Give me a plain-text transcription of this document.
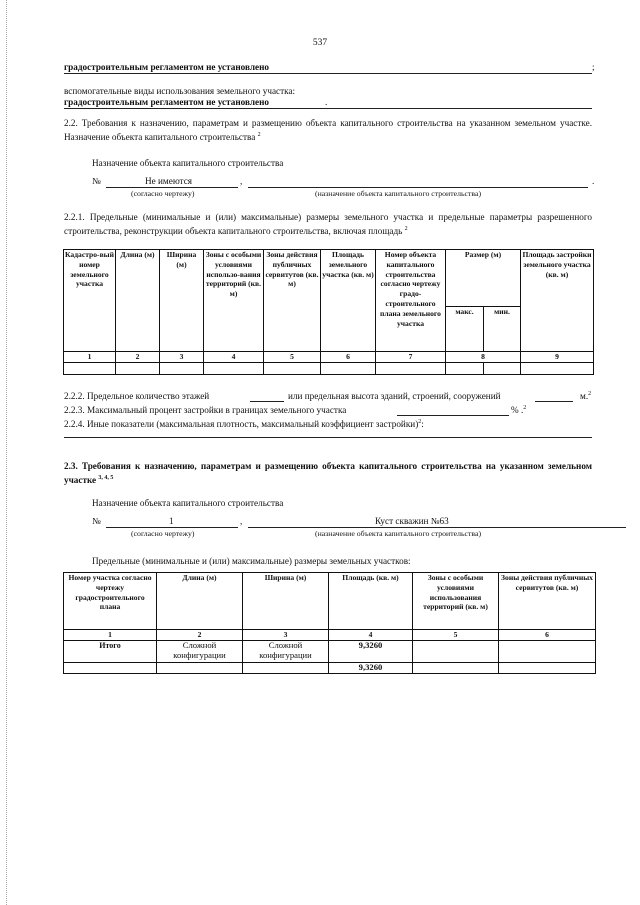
537
градостроительным регламентом не установлено	;
вспомогательные виды использования земельного участка:
градостроительным регламентом не установлено	.
2.2. Требования к назначению, параметрам и размещению объекта капитального строительства на указанном земельном участке. Назначение объекта капитального строительства $^2$
Назначение объекта капитального строительства
№	Не имеются	,	.
(согласно чертежу)	(назначение объекта капитального строительства)
2.2.1. Предельные (минимальные и (или) максимальные) размеры земельного участка и предельные параметры разрешенного строительства, реконструкции объекта капитального строительства, включая площадь $^2$
Кадастро-вый номер земельного участка	Длина (м)	Ширина (м)	Зоны с особыми условиями использо-вания территорий (кв. м)	Зоны действия публичных сервитутов (кв. м)	Площадь земельного участка (кв. м)	Номер объекта капитального строительства согласно чертежу градо-строительного плана земельного участка	Размер (м)		Площадь застройки земельного участка (кв. м)
							макс.	мин.	
1	2	3	4	5	6	7	8		9

2.2.2. Предельное количество этажей	или предельная высота зданий, строений, сооружений	м.$^2$
2.2.3. Максимальный процент застройки в границах земельного участка	% .$^2$
2.2.4. Иные показатели (максимальная плотность, максимальный коэффициент застройки)$^2$:
2.3. Требования к назначению, параметрам и размещению объекта капитального строительства на указанном земельном участке $^{3, 4, 5}$
Назначение объекта капитального строительства
№	1	,	Куст скважин №63
(согласно чертежу)	(назначение объекта капитального строительства)
Предельные (минимальные и (или) максимальные) размеры земельных участков:
Номер участка согласно чертежу градостроительного плана	Длина (м)	Ширина (м)	Площадь (кв. м)	Зоны с особыми условиями использования территорий (кв. м)	Зоны действия публичных сервитутов (кв. м)
1	2	3	4	5	6
Итого	Сложной конфигурации	Сложной конфигурации	9,3260		
			9,3260		
